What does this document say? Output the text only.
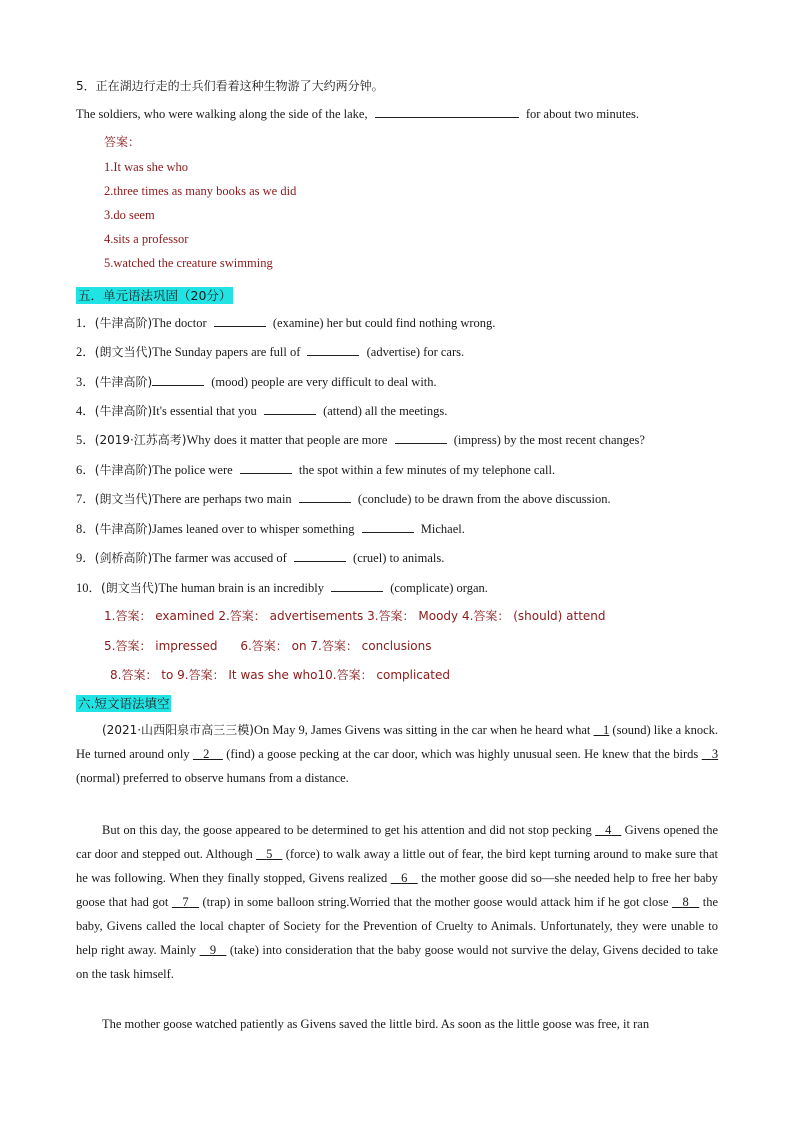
5．正在湖边行走的士兵们看着这种生物游了大约两分钟。
The soldiers, who were walking along the side of the lake,	for about two minutes.
答案：
1.It was she who
2.three times as many books as we did
3.do seem
4.sits a professor
5.watched the creature swimming
五．单元语法巩固（20分）
1．(牛津高阶)The doctor	(examine) her but could find nothing wrong.
2．(朗文当代)The Sunday papers are full of	(advertise) for cars.
3．(牛津高阶)	(mood) people are very difficult to deal with.
4．(牛津高阶)It's essential that you	(attend) all the meetings.
5．(2019·江苏高考)Why does it matter that people are more	(impress) by the most recent changes?
6．(牛津高阶)The police were	the spot within a few minutes of my telephone call.
7．(朗文当代)There are perhaps two main	(conclude) to be drawn from the above discussion.
8．(牛津高阶)James leaned over to whisper something	Michael.
9．(剑桥高阶)The farmer was accused of	(cruel) to animals.
10．(朗文当代)The human brain is an incredibly	(complicate) organ.
1.答案： examined 2.答案： advertisements 3.答案： Moody 4.答案： (should) attend
5.答案： impressed      6.答案： on 7.答案： conclusions
8.答案： to 9.答案： It was she who10.答案： complicated
六.短文语法填空
(2021·山西阳泉市高三三模)On May 9, James Givens was sitting in the car when he heard what 1 (sound) like a knock. He turned around only 2 (find) a goose pecking at the car door, which was highly unusual seen. He knew that the birds 3 (normal) preferred to observe humans from a distance.
But on this day, the goose appeared to be determined to get his attention and did not stop pecking 4 Givens opened the car door and stepped out. Although 5 (force) to walk away a little out of fear, the bird kept turning around to make sure that he was following. When they finally stopped, Givens realized 6 the mother goose did so—she needed help to free her baby goose that had got 7 (trap) in some balloon string.Worried that the mother goose would attack him if he got close 8 the baby, Givens called the local chapter of Society for the Prevention of Cruelty to Animals. Unfortunately, they were unable to help right away. Mainly 9 (take) into consideration that the baby goose would not survive the delay, Givens decided to take on the task himself.
The mother goose watched patiently as Givens saved the little bird. As soon as the little goose was free, it ran
